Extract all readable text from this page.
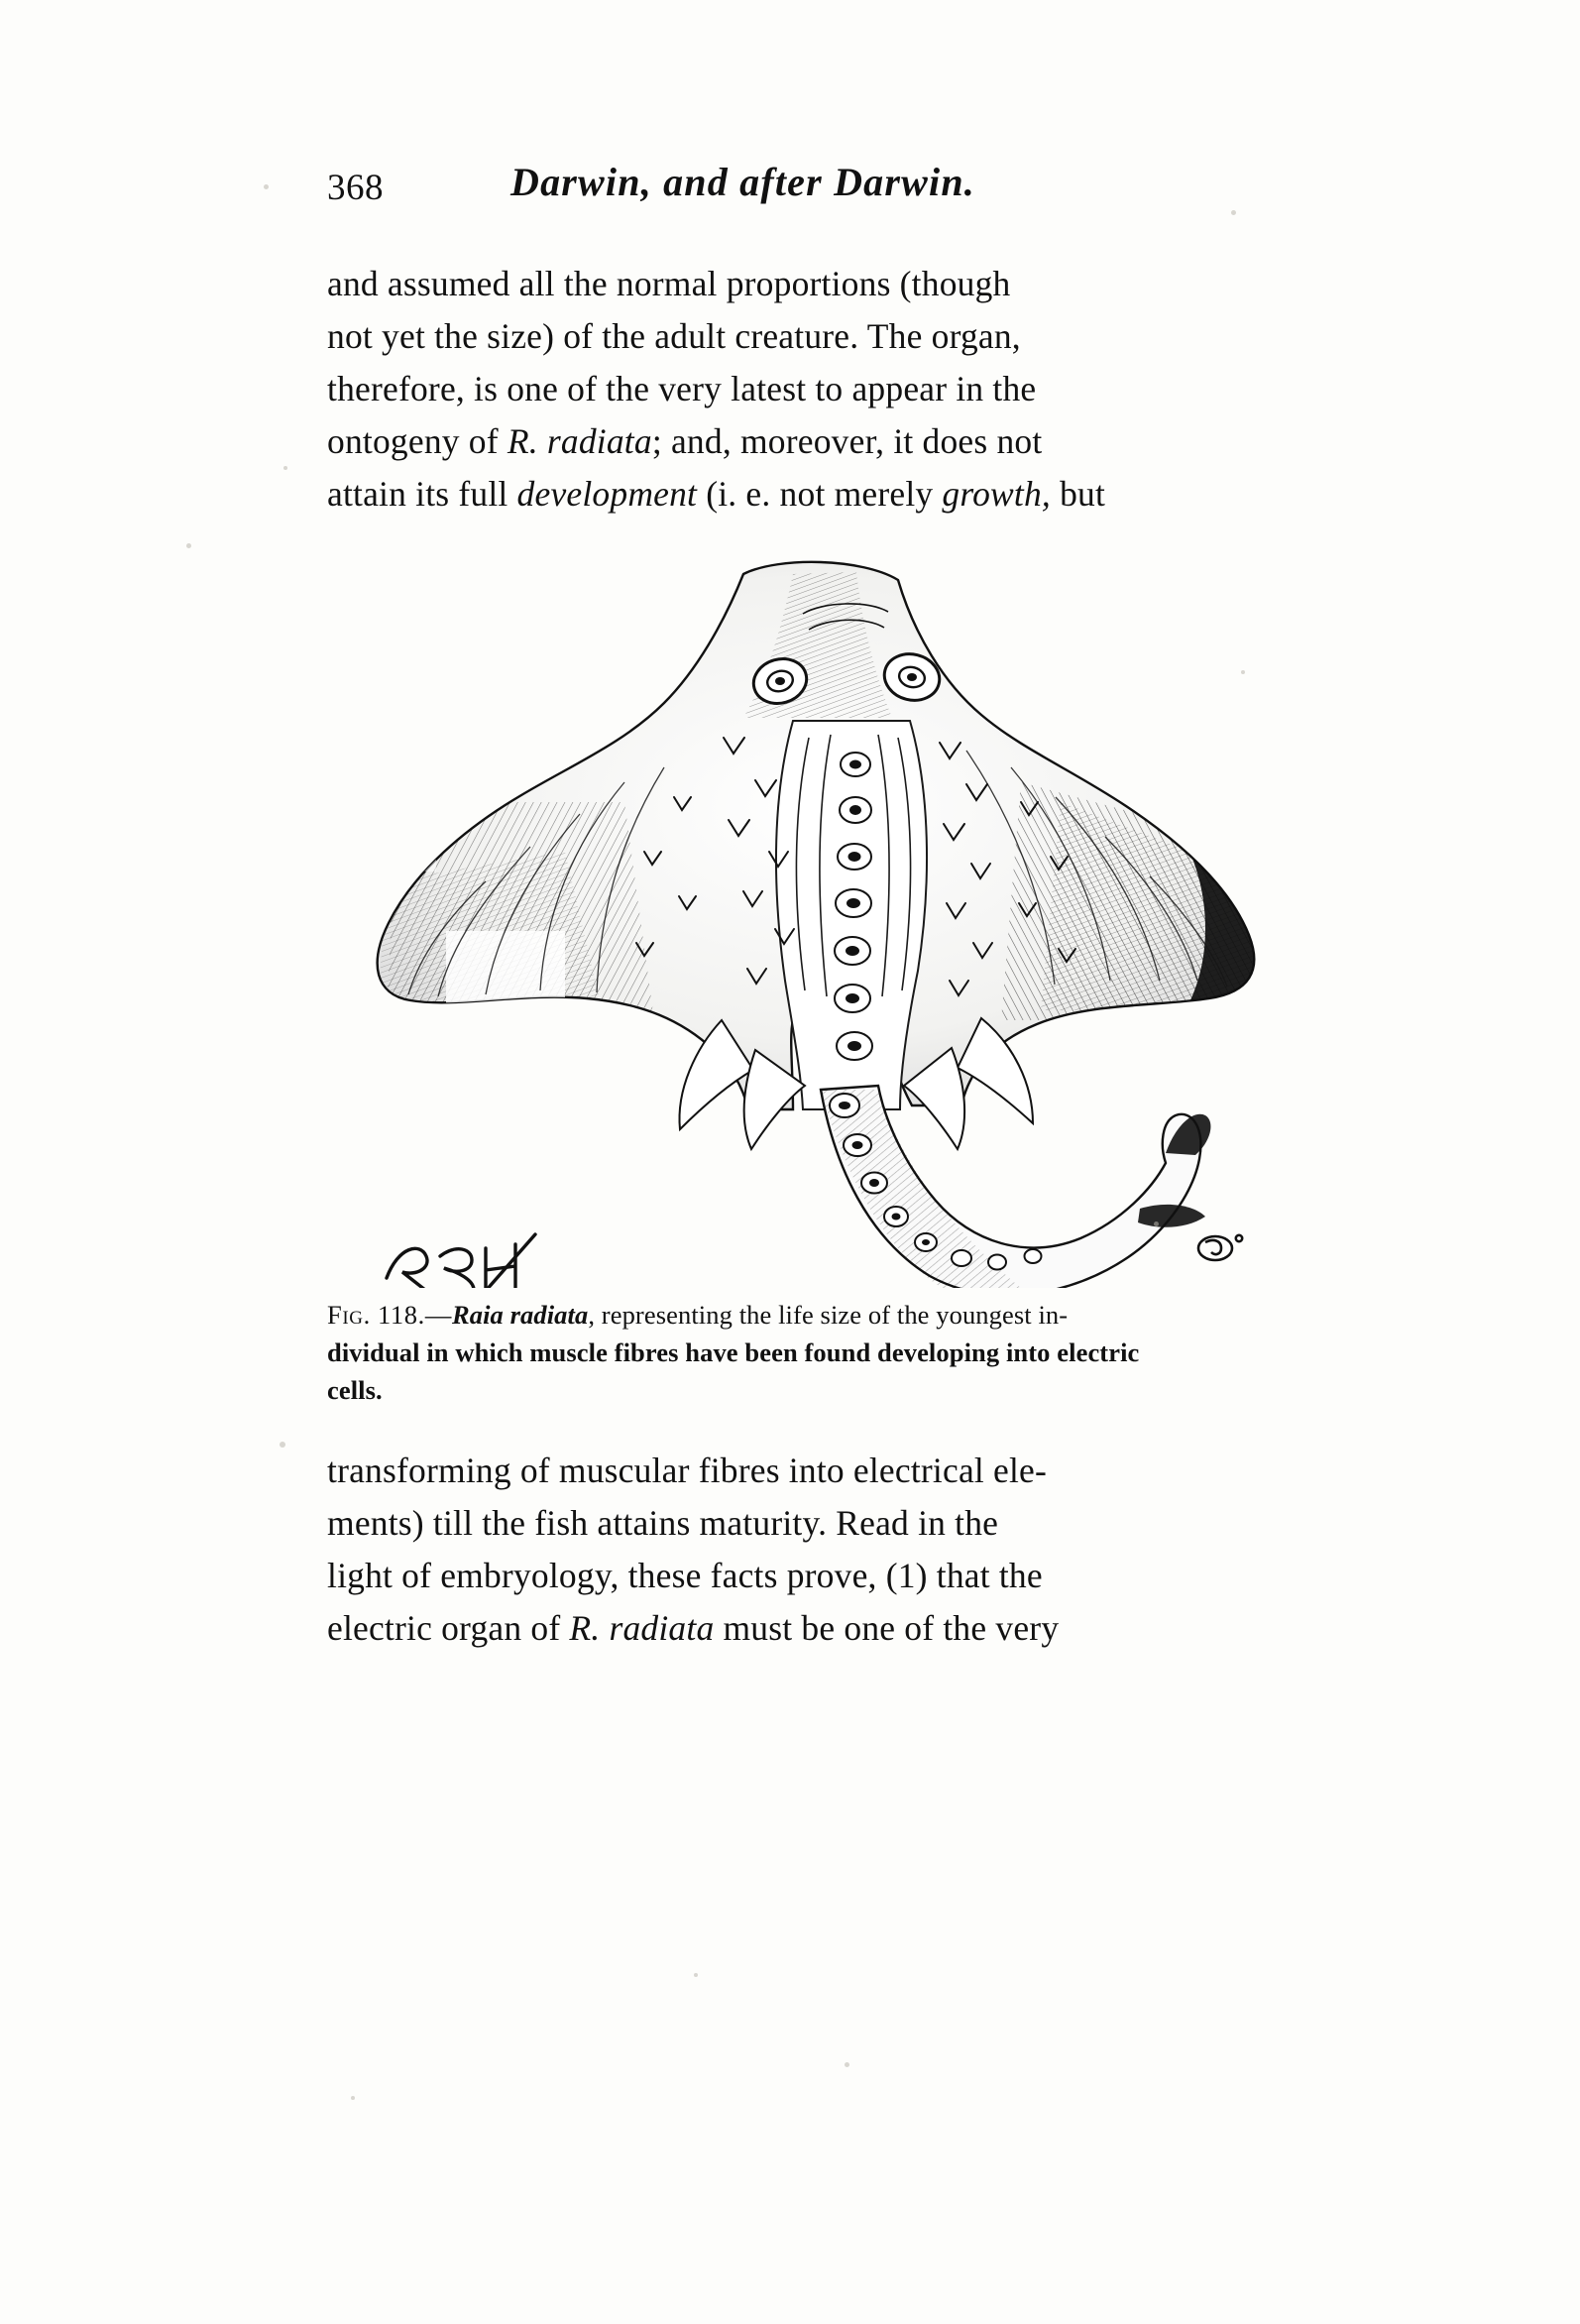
368	Darwin, and after Darwin.
and assumed all the normal proportions (though
not yet the size) of the adult creature. The organ,
therefore, is one of the very latest to appear in the
ontogeny of R. radiata; and, moreover, it does not
attain its full development (i. e. not merely growth, but
Fig. 118.—Raia radiata, representing the life size of the youngest in-
dividual in which muscle fibres have been found developing into electric
cells.
transforming of muscular fibres into electrical ele-
ments) till the fish attains maturity. Read in the
light of embryology, these facts prove, (1) that the
electric organ of R. radiata must be one of the very
